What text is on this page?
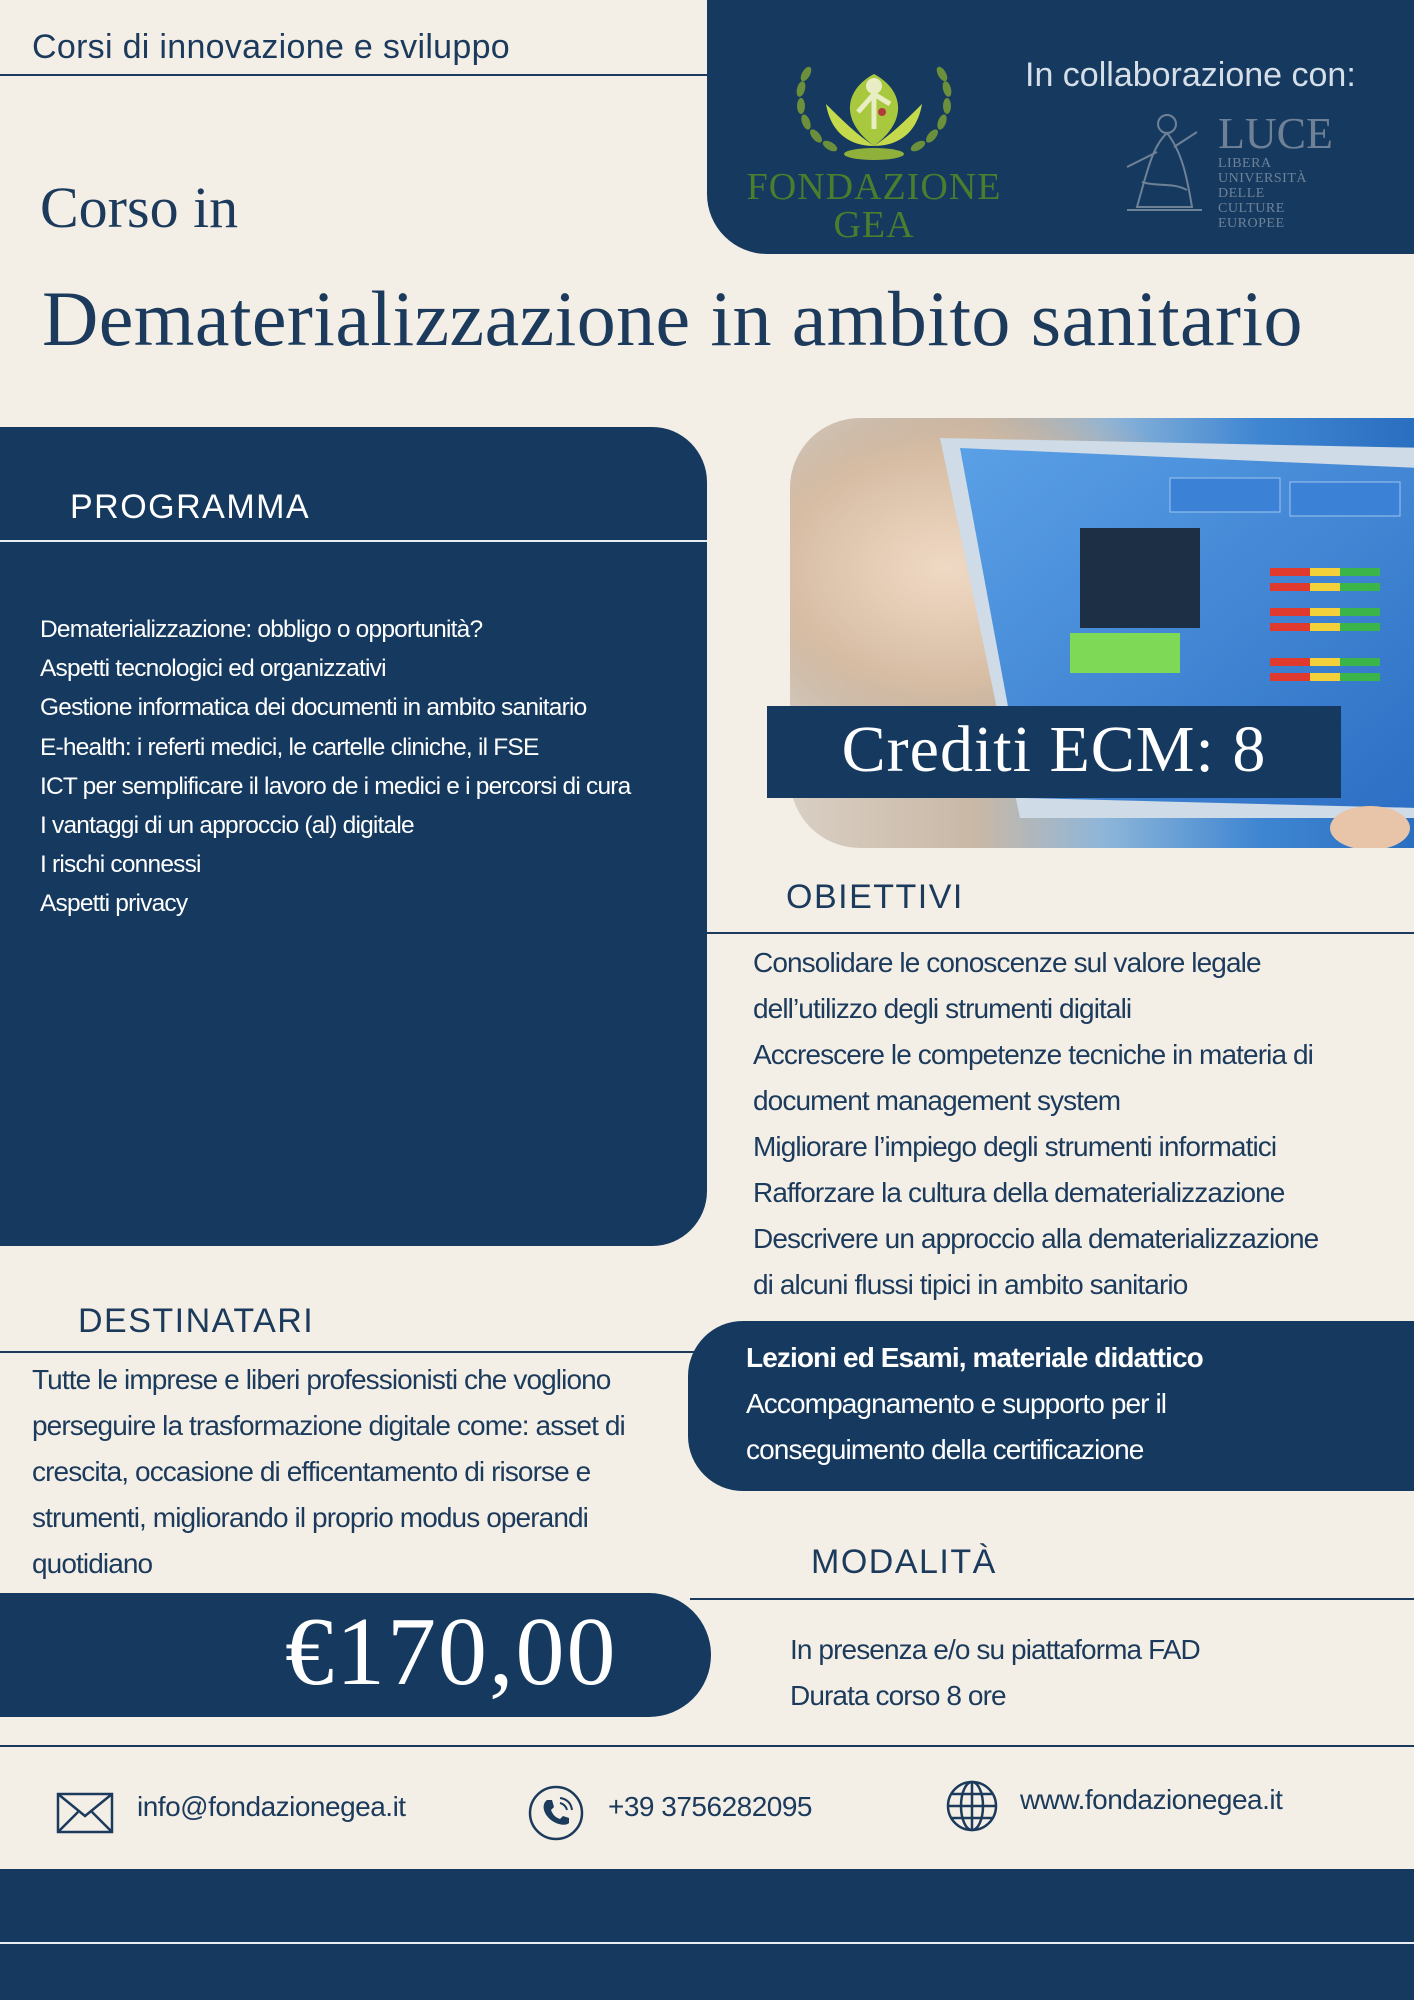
Corsi di innovazione e sviluppo
FONDAZIONE GEA
In collaborazione con:
LUCE
LIBERA UNIVERSITÀ DELLE CULTURE EUROPEE
Corso in
Dematerializzazione in ambito sanitario
PROGRAMMA
Dematerializzazione: obbligo o opportunità?
Aspetti tecnologici ed organizzativi
Gestione informatica dei documenti in ambito sanitario
E-health: i referti medici, le cartelle cliniche, il FSE
ICT per semplificare il lavoro de i medici e i percorsi di cura
I vantaggi di un approccio (al) digitale
I rischi connessi
Aspetti privacy
Crediti ECM: 8
OBIETTIVI
Consolidare le conoscenze sul valore legale
dell’utilizzo degli strumenti digitali
Accrescere le competenze tecniche in materia di
document management system
Migliorare l’impiego degli strumenti informatici
Rafforzare la cultura della dematerializzazione
Descrivere un approccio alla dematerializzazione
di alcuni flussi tipici in ambito sanitario
DESTINATARI
Tutte le imprese e liberi professionisti che vogliono
perseguire la trasformazione digitale come: asset di
crescita, occasione di efficentamento di risorse e
strumenti, migliorando il proprio modus operandi
quotidiano
Lezioni ed Esami, materiale didattico
Accompagnamento e supporto per il
conseguimento della certificazione
MODALITÀ
In presenza e/o su piattaforma FAD
Durata corso 8 ore
€170,00
info@fondazionegea.it	+39 3756282095	www.fondazionegea.it
